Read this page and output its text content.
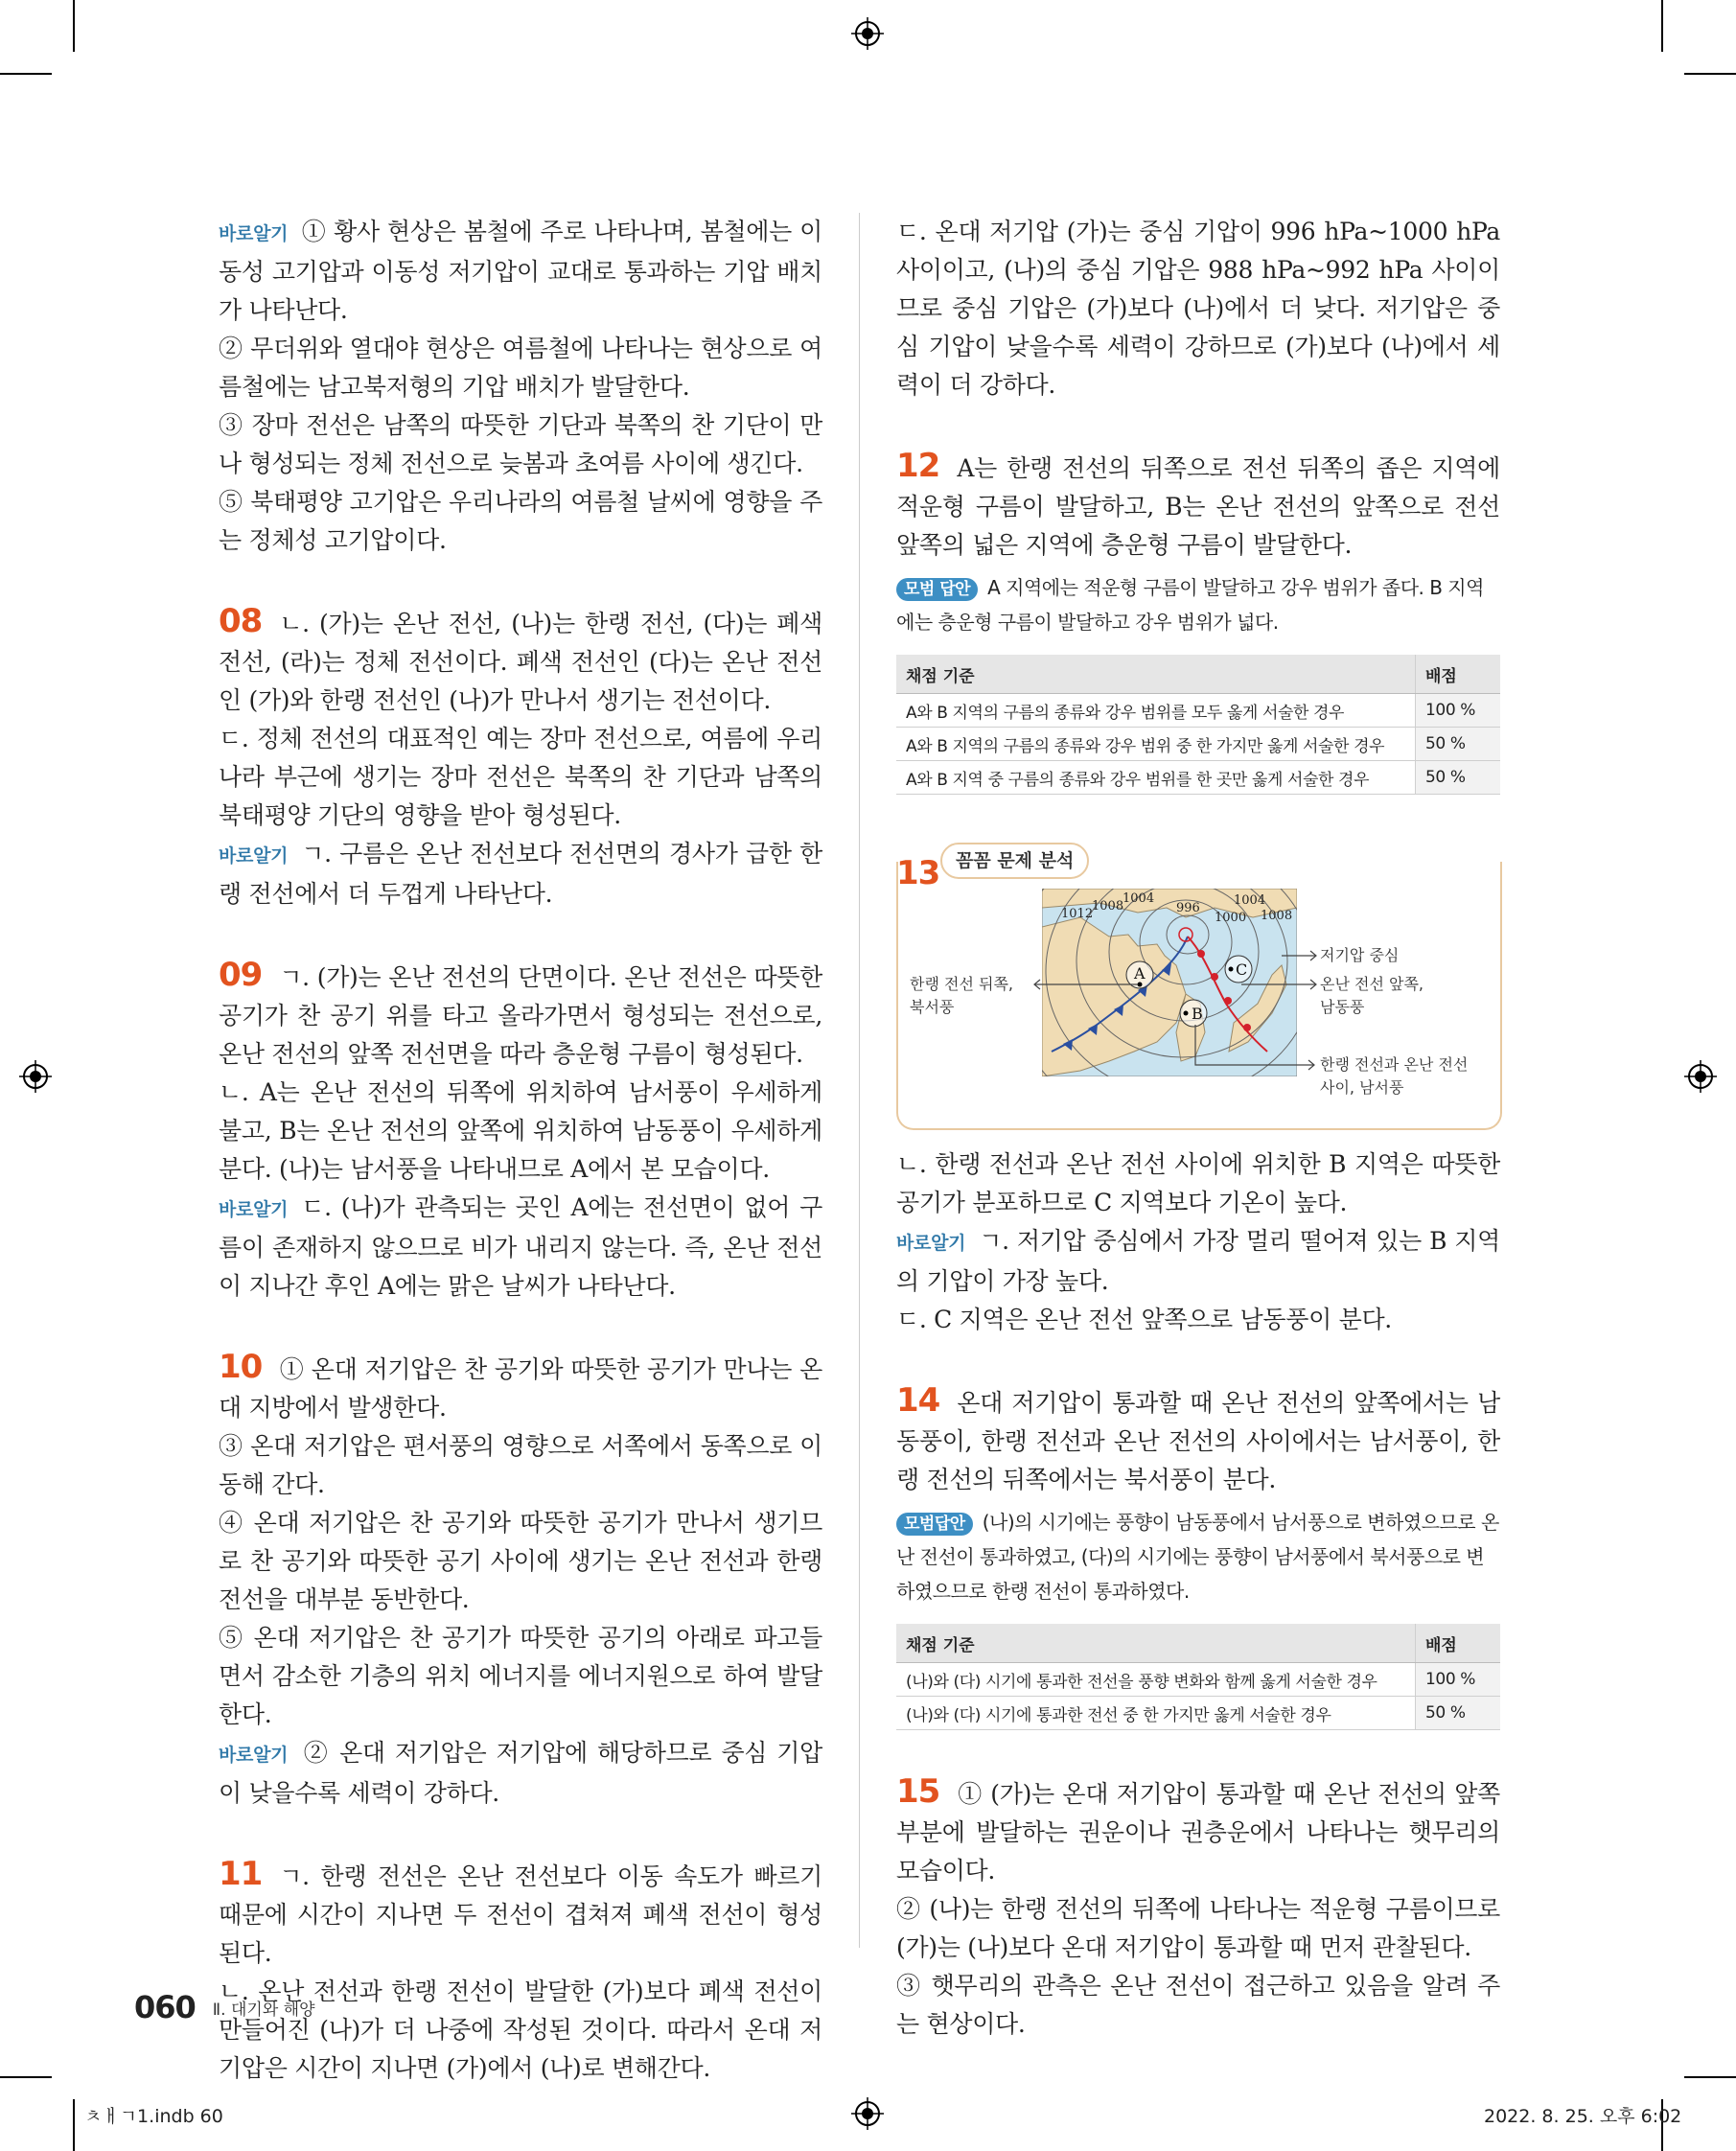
바로알기 ① 황사 현상은 봄철에 주로 나타나며, 봄철에는 이동성 고기압과 이동성 저기압이 교대로 통과하는 기압 배치가 나타난다.

② 무더위와 열대야 현상은 여름철에 나타나는 현상으로 여름철에는 남고북저형의 기압 배치가 발달한다.

③ 장마 전선은 남쪽의 따뜻한 기단과 북쪽의 찬 기단이 만나 형성되는 정체 전선으로 늦봄과 초여름 사이에 생긴다.

⑤ 북태평양 고기압은 우리나라의 여름철 날씨에 영향을 주는 정체성 고기압이다.

08 ㄴ. (가)는 온난 전선, (나)는 한랭 전선, (다)는 폐색 전선, (라)는 정체 전선이다. 폐색 전선인 (다)는 온난 전선인 (가)와 한랭 전선인 (나)가 만나서 생기는 전선이다.

ㄷ. 정체 전선의 대표적인 예는 장마 전선으로, 여름에 우리나라 부근에 생기는 장마 전선은 북쪽의 찬 기단과 남쪽의 북태평양 기단의 영향을 받아 형성된다.

바로알기 ㄱ. 구름은 온난 전선보다 전선면의 경사가 급한 한랭 전선에서 더 두껍게 나타난다.

09 ㄱ. (가)는 온난 전선의 단면이다. 온난 전선은 따뜻한 공기가 찬 공기 위를 타고 올라가면서 형성되는 전선으로, 온난 전선의 앞쪽 전선면을 따라 층운형 구름이 형성된다.

ㄴ. A는 온난 전선의 뒤쪽에 위치하여 남서풍이 우세하게 불고, B는 온난 전선의 앞쪽에 위치하여 남동풍이 우세하게 분다. (나)는 남서풍을 나타내므로 A에서 본 모습이다.

바로알기 ㄷ. (나)가 관측되는 곳인 A에는 전선면이 없어 구름이 존재하지 않으므로 비가 내리지 않는다. 즉, 온난 전선이 지나간 후인 A에는 맑은 날씨가 나타난다.

10 ① 온대 저기압은 찬 공기와 따뜻한 공기가 만나는 온대 지방에서 발생한다.

③ 온대 저기압은 편서풍의 영향으로 서쪽에서 동쪽으로 이동해 간다.

④ 온대 저기압은 찬 공기와 따뜻한 공기가 만나서 생기므로 찬 공기와 따뜻한 공기 사이에 생기는 온난 전선과 한랭 전선을 대부분 동반한다.

⑤ 온대 저기압은 찬 공기가 따뜻한 공기의 아래로 파고들면서 감소한 기층의 위치 에너지를 에너지원으로 하여 발달한다.

바로알기 ② 온대 저기압은 저기압에 해당하므로 중심 기압이 낮을수록 세력이 강하다.

11 ㄱ. 한랭 전선은 온난 전선보다 이동 속도가 빠르기 때문에 시간이 지나면 두 전선이 겹쳐져 폐색 전선이 형성된다.

ㄴ. 온난 전선과 한랭 전선이 발달한 (가)보다 폐색 전선이 만들어진 (나)가 더 나중에 작성된 것이다. 따라서 온대 저기압은 시간이 지나면 (가)에서 (나)로 변해간다.

ㄷ. 온대 저기압 (가)는 중심 기압이 996 hPa~1000 hPa 사이이고, (나)의 중심 기압은 988 hPa~992 hPa 사이이므로 중심 기압은 (가)보다 (나)에서 더 낮다. 저기압은 중심 기압이 낮을수록 세력이 강하므로 (가)보다 (나)에서 세력이 더 강하다.

12 A는 한랭 전선의 뒤쪽으로 전선 뒤쪽의 좁은 지역에 적운형 구름이 발달하고, B는 온난 전선의 앞쪽으로 전선 앞쪽의 넓은 지역에 층운형 구름이 발달한다.

모범 답안 A 지역에는 적운형 구름이 발달하고 강우 범위가 좁다. B 지역에는 층운형 구름이 발달하고 강우 범위가 넓다.

채점 기준	배점
A와 B 지역의 구름의 종류와 강우 범위를 모두 옳게 서술한 경우	100 %
A와 B 지역의 구름의 종류와 강우 범위 중 한 가지만 옳게 서술한 경우	50 %
A와 B 지역 중 구름의 종류와 강우 범위를 한 곳만 옳게 서술한 경우	50 %
13 꼼꼼 문제 분석
1012
1008
1004
996
1000
1004
1008
A
B
C
저기압 중심
한랭 전선 뒤쪽,
북서풍
온난 전선 앞쪽,
남동풍
한랭 전선과 온난 전선
사이, 남서풍

ㄴ. 한랭 전선과 온난 전선 사이에 위치한 B 지역은 따뜻한 공기가 분포하므로 C 지역보다 기온이 높다.

바로알기 ㄱ. 저기압 중심에서 가장 멀리 떨어져 있는 B 지역의 기압이 가장 높다.

ㄷ. C 지역은 온난 전선 앞쪽으로 남동풍이 분다.

14 온대 저기압이 통과할 때 온난 전선의 앞쪽에서는 남동풍이, 한랭 전선과 온난 전선의 사이에서는 남서풍이, 한랭 전선의 뒤쪽에서는 북서풍이 분다.

모범답안 (나)의 시기에는 풍향이 남동풍에서 남서풍으로 변하였으므로 온난 전선이 통과하였고, (다)의 시기에는 풍향이 남서풍에서 북서풍으로 변하였으므로 한랭 전선이 통과하였다.

채점 기준	배점
(나)와 (다) 시기에 통과한 전선을 풍향 변화와 함께 옳게 서술한 경우	100 %
(나)와 (다) 시기에 통과한 전선 중 한 가지만 옳게 서술한 경우	50 %

15 ① (가)는 온대 저기압이 통과할 때 온난 전선의 앞쪽 부분에 발달하는 권운이나 권층운에서 나타나는 햇무리의 모습이다.

② (나)는 한랭 전선의 뒤쪽에 나타나는 적운형 구름이므로 (가)는 (나)보다 온대 저기압이 통과할 때 먼저 관찰된다.

③ 햇무리의 관측은 온난 전선이 접근하고 있음을 알려 주는 현상이다.

060 Ⅱ. 대기와 해양
ㅊㅐㄱ1.indb 60	2022. 8. 25. 오후 6:02
